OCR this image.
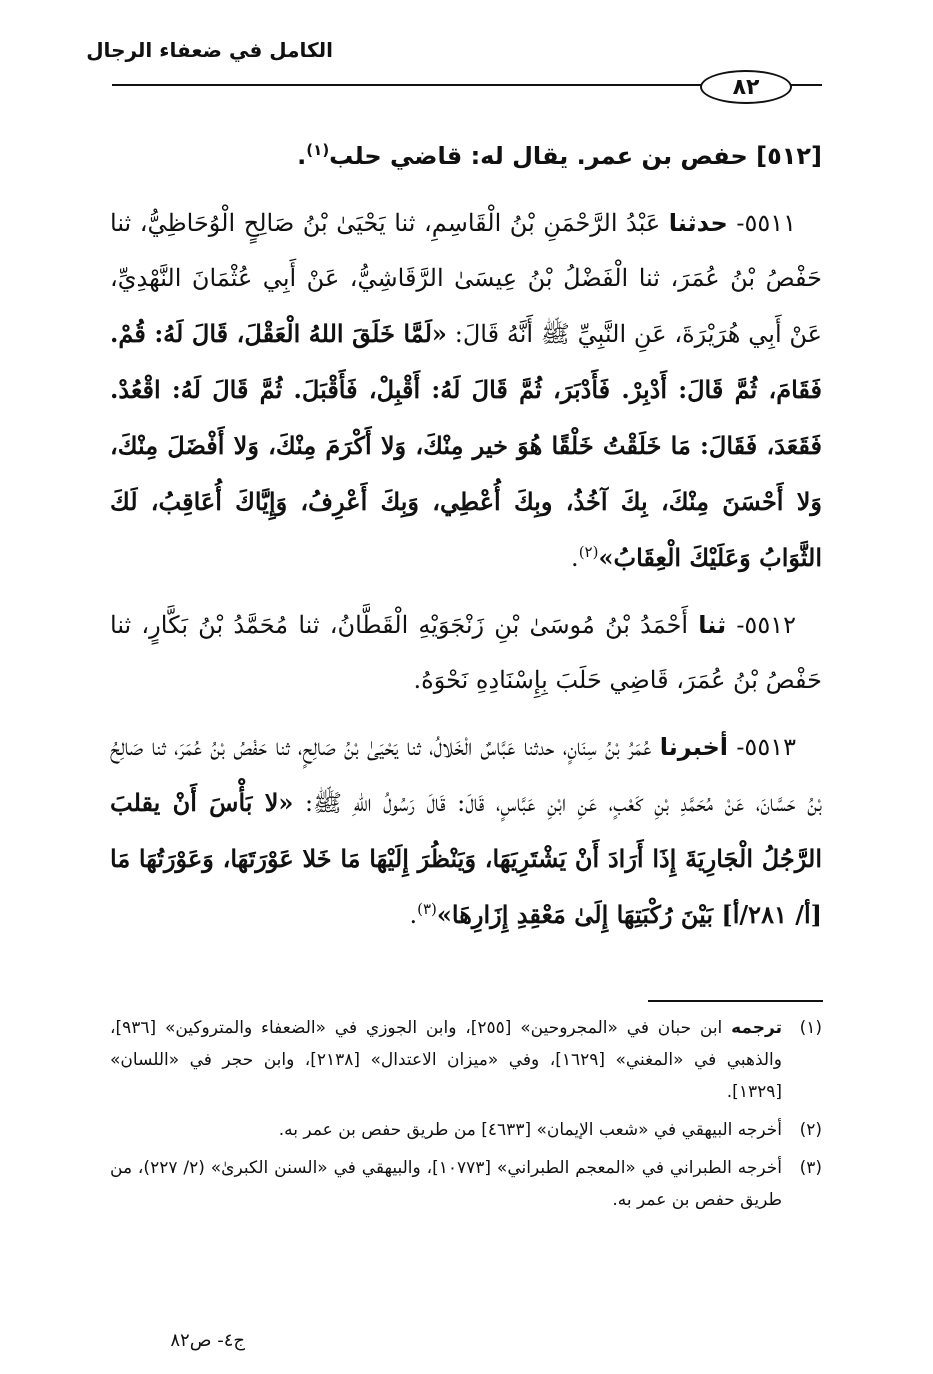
الكامل في ضعفاء الرجال
٨٢
[٥١٢] حفص بن عمر. يقال له: قاضي حلب$^{(١)}$.

٥٥١١- حدثنا عَبْدُ الرَّحْمَنِ بْنُ الْقَاسِمِ، ثنا يَحْيَىٰ بْنُ صَالِحٍ الْوُحَاظِيُّ، ثنا حَفْصُ بْنُ عُمَرَ، ثنا الْفَضْلُ بْنُ عِيسَىٰ الرَّقَاشِيُّ، عَنْ أَبِي عُثْمَانَ النَّهْدِيِّ، عَنْ أَبِي هُرَيْرَةَ، عَنِ النَّبِيِّ ﷺ أَنَّهُ قَالَ: «لَمَّا خَلَقَ اللهُ الْعَقْلَ، قَالَ لَهُ: قُمْ. فَقَامَ، ثُمَّ قَالَ: أَدْبِرْ. فَأَدْبَرَ، ثُمَّ قَالَ لَهُ: أَقْبِلْ، فَأَقْبَلَ. ثُمَّ قَالَ لَهُ: اقْعُدْ. فَقَعَدَ، فَقَالَ: مَا خَلَقْتُ خَلْقًا هُوَ خير مِنْكَ، وَلا أَكْرَمَ مِنْكَ، وَلا أَفْضَلَ مِنْكَ، وَلا أَحْسَنَ مِنْكَ، بِكَ آخُذُ، وبِكَ أُعْطِي، وَبِكَ أَعْرِفُ، وَإِيَّاكَ أُعَاقِبُ، لَكَ الثَّوَابُ وَعَلَيْكَ الْعِقَابُ»$^{(٢)}$.

٥٥١٢- ثنا أَحْمَدُ بْنُ مُوسَىٰ بْنِ زَنْجَوَيْهِ الْقَطَّانُ، ثنا مُحَمَّدُ بْنُ بَكَّارٍ، ثنا حَفْصُ بْنُ عُمَرَ، قَاضِي حَلَبَ بِإِسْنَادِهِ نَحْوَهُ.

٥٥١٣- أخبرنا عُمَرُ بْنُ سِنَانٍ، حدثنا عَبَّاسٌ الْخَلالُ، ثنا يَحْيَىٰ بْنُ صَالِحٍ، ثنا حَفْصُ بْنُ عُمَرَ، ثنا صَالِحُ بْنُ حَسَّانَ، عَنْ مُحَمَّدِ بْنِ كَعْبٍ، عَنِ ابْنِ عَبَّاسٍ، قَالَ: قَالَ رَسُولُ اللهِ ﷺ: «لا بَأْسَ أَنْ يقلبَ الرَّجُلُ الْجَارِيَةَ إِذَا أَرَادَ أَنْ يَشْتَرِيَهَا، وَيَنْظُرَ إِلَيْهَا مَا خَلا عَوْرَتَهَا، وَعَوْرَتُهَا مَا [أ/ ٢٨١/أ] بَيْنَ رُكْبَتِهَا إِلَىٰ مَعْقِدِ إِزَارِهَا»$^{(٣)}$.

(١)
ترجمه ابن حبان في «المجروحين» [٢٥٥]، وابن الجوزي في «الضعفاء والمتروكين» [٩٣٦]، والذهبي في «المغني» [١٦٢٩]، وفي «ميزان الاعتدال» [٢١٣٨]، وابن حجر في «اللسان» [١٣٢٩].
(٢)
أخرجه البيهقي في «شعب الإيمان» [٤٦٣٣] من طريق حفص بن عمر به.
(٣)
أخرجه الطبراني في «المعجم الطبراني» [١٠٧٧٣]، والبيهقي في «السنن الكبرىٰ» (٢/ ٢٢٧)، من طريق حفص بن عمر به.
ج٤- ص٨٢
